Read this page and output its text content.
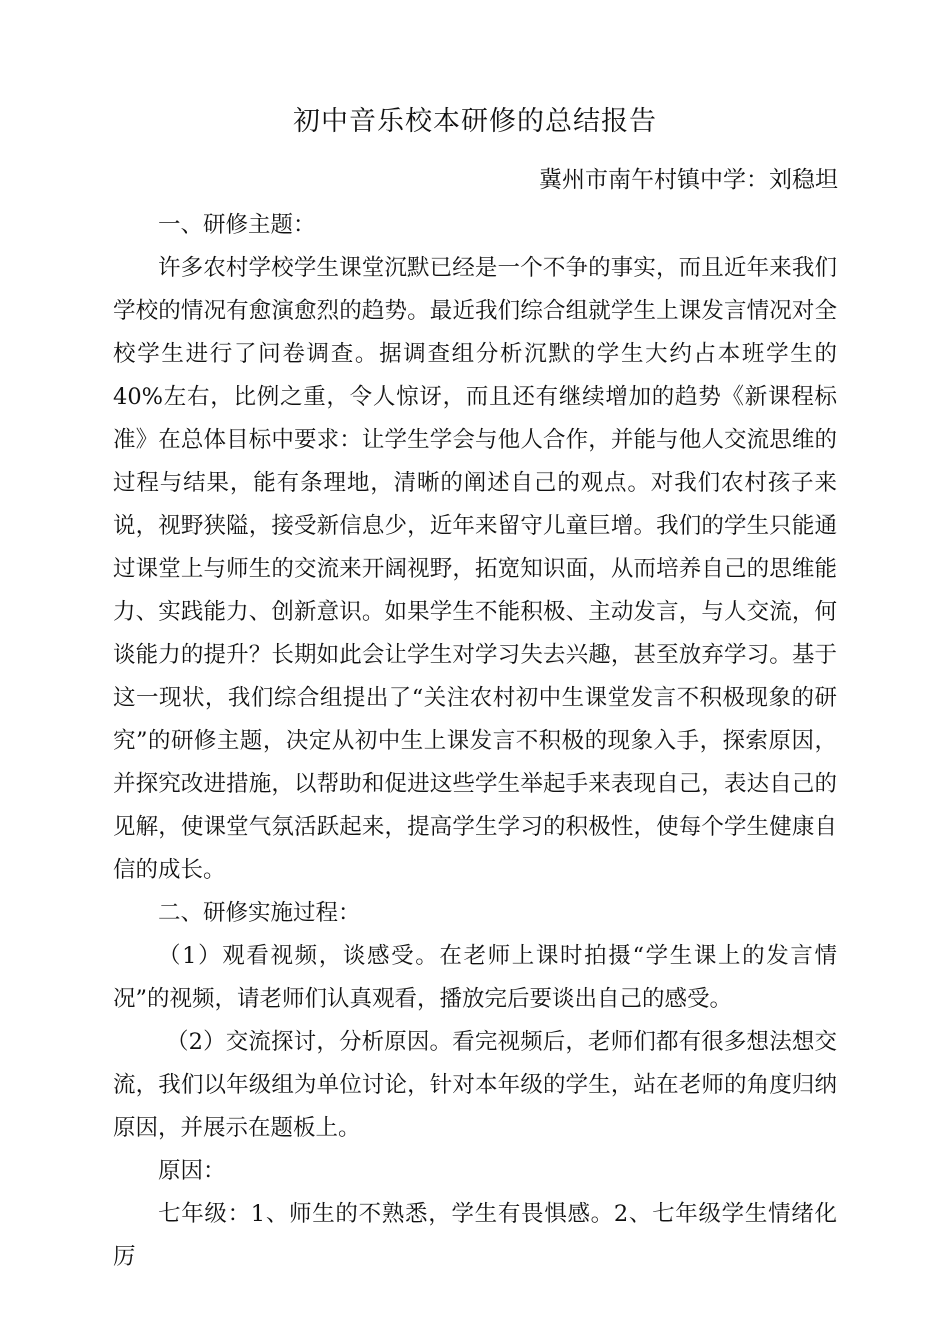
初中音乐校本研修的总结报告
冀州市南午村镇中学：刘稳坦

一、研修主题：

许多农村学校学生课堂沉默已经是一个不争的事实，而且近年来我们学校的情况有愈演愈烈的趋势。最近我们综合组就学生上课发言情况对全校学生进行了问卷调查。据调查组分析沉默的学生大约占本班学生的 40%左右，比例之重，令人惊讶，而且还有继续增加的趋势《新课程标准》在总体目标中要求：让学生学会与他人合作，并能与他人交流思维的过程与结果，能有条理地，清晰的阐述自己的观点。对我们农村孩子来说，视野狭隘，接受新信息少，近年来留守儿童巨增。我们的学生只能通过课堂上与师生的交流来开阔视野，拓宽知识面，从而培养自己的思维能力、实践能力、创新意识。如果学生不能积极、主动发言，与人交流，何谈能力的提升？长期如此会让学生对学习失去兴趣，甚至放弃学习。基于这一现状，我们综合组提出了“关注农村初中生课堂发言不积极现象的研究”的研修主题，决定从初中生上课发言不积极的现象入手，探索原因，并探究改进措施，以帮助和促进这些学生举起手来表现自己，表达自己的见解，使课堂气氛活跃起来，提高学生学习的积极性，使每个学生健康自信的成长。

二、研修实施过程：

（1）观看视频，谈感受。在老师上课时拍摄“学生课上的发言情况”的视频，请老师们认真观看，播放完后要谈出自己的感受。

（2）交流探讨，分析原因。看完视频后，老师们都有很多想法想交流，我们以年级组为单位讨论，针对本年级的学生，站在老师的角度归纳原因，并展示在题板上。

原因：

七年级：1、师生的不熟悉，学生有畏惧感。2、七年级学生情绪化厉
